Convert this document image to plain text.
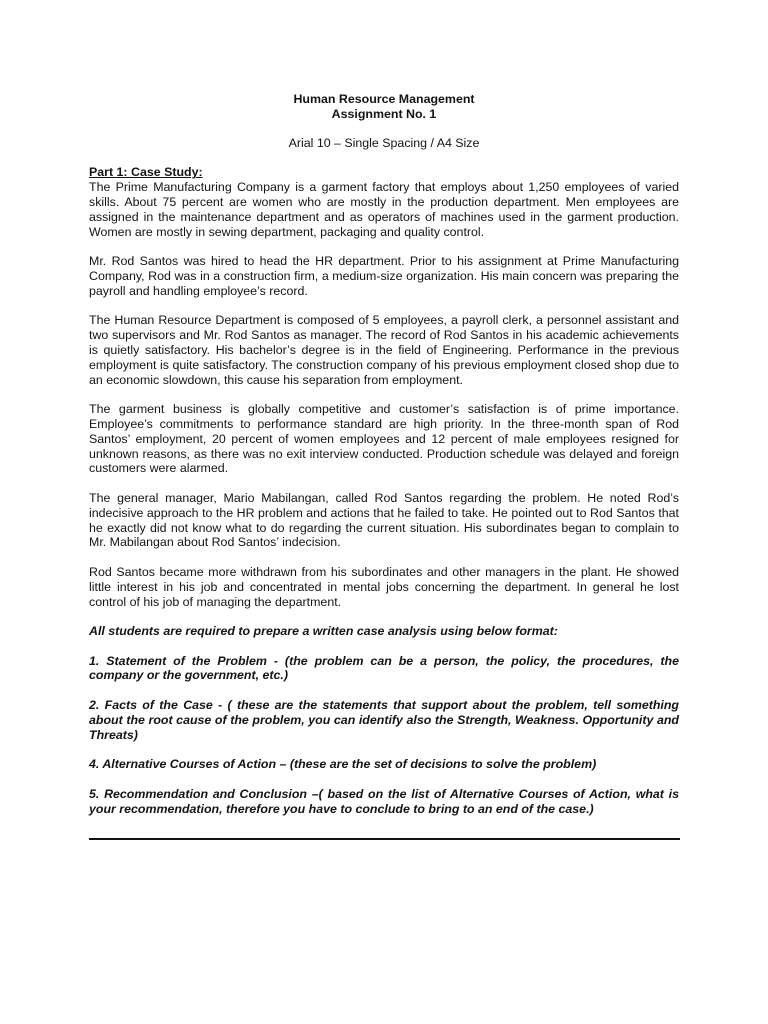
Human Resource Management
Assignment No. 1
Arial 10 – Single Spacing / A4 Size
Part 1: Case Study:

The Prime Manufacturing Company is a garment factory that employs about 1,250 employees of varied skills. About 75 percent are women who are mostly in the production department. Men employees are assigned in the maintenance department and as operators of machines used in the garment production. Women are mostly in sewing department, packaging and quality control.

Mr. Rod Santos was hired to head the HR department. Prior to his assignment at Prime Manufacturing Company, Rod was in a construction firm, a medium-size organization. His main concern was preparing the payroll and handling employee’s record.

The Human Resource Department is composed of 5 employees, a payroll clerk, a personnel assistant and two supervisors and Mr. Rod Santos as manager. The record of Rod Santos in his academic achievements is quietly satisfactory. His bachelor’s degree is in the field of Engineering. Performance in the previous employment is quite satisfactory. The construction company of his previous employment closed shop due to an economic slowdown, this cause his separation from employment.

The garment business is globally competitive and customer’s satisfaction is of prime importance. Employee’s commitments to performance standard are high priority. In the three-month span of Rod Santos’ employment, 20 percent of women employees and 12 percent of male employees resigned for unknown reasons, as there was no exit interview conducted. Production schedule was delayed and foreign customers were alarmed.

The general manager, Mario Mabilangan, called Rod Santos regarding the problem. He noted Rod’s indecisive approach to the HR problem and actions that he failed to take. He pointed out to Rod Santos that he exactly did not know what to do regarding the current situation. His subordinates began to complain to Mr. Mabilangan about Rod Santos’ indecision.

Rod Santos became more withdrawn from his subordinates and other managers in the plant. He showed little interest in his job and concentrated in mental jobs concerning the department. In general he lost control of his job of managing the department.

All students are required to prepare a written case analysis using below format:
1. Statement of the Problem - (the problem can be a person, the policy, the procedures, the company or the government, etc.)
2. Facts of the Case - ( these are the statements that support about the problem, tell something about the root cause of the problem, you can identify also the Strength, Weakness. Opportunity and Threats)
4. Alternative Courses of Action – (these are the set of decisions to solve the problem)
5. Recommendation and Conclusion –( based on the list of Alternative Courses of Action, what is your recommendation, therefore you have to conclude to bring to an end of the case.)
